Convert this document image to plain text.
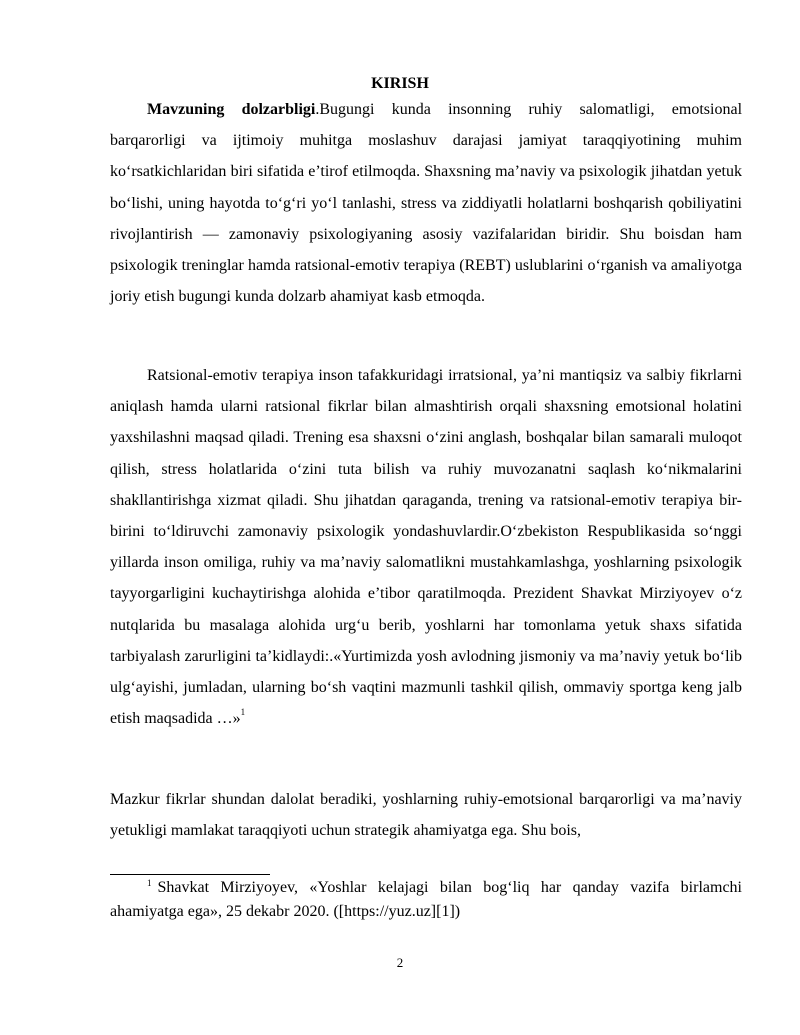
KIRISH

Mavzuning dolzarbligi.Bugungi kunda insonning ruhiy salomatligi, emotsional barqarorligi va ijtimoiy muhitga moslashuv darajasi jamiyat taraqqiyotining muhim ko‘rsatkichlaridan biri sifatida e’tirof etilmoqda. Shaxsning ma’naviy va psixologik jihatdan yetuk bo‘lishi, uning hayotda to‘g‘ri yo‘l tanlashi, stress va ziddiyatli holatlarni boshqarish qobiliyatini rivojlantirish — zamonaviy psixologiyaning asosiy vazifalaridan biridir. Shu boisdan ham psixologik treninglar hamda ratsional-emotiv terapiya (REBT) uslublarini o‘rganish va amaliyotga joriy etish bugungi kunda dolzarb ahamiyat kasb etmoqda.

Ratsional-emotiv terapiya inson tafakkuridagi irratsional, ya’ni mantiqsiz va salbiy fikrlarni aniqlash hamda ularni ratsional fikrlar bilan almashtirish orqali shaxsning emotsional holatini yaxshilashni maqsad qiladi. Trening esa shaxsni o‘zini anglash, boshqalar bilan samarali muloqot qilish, stress holatlarida o‘zini tuta bilish va ruhiy muvozanatni saqlash ko‘nikmalarini shakllantirishga xizmat qiladi. Shu jihatdan qaraganda, trening va ratsional-emotiv terapiya bir-birini to‘ldiruvchi zamonaviy psixologik yondashuvlardir.O‘zbekiston Respublikasida so‘nggi yillarda inson omiliga, ruhiy va ma’naviy salomatlikni mustahkamlashga, yoshlarning psixologik tayyorgarligini kuchaytirishga alohida e’tibor qaratilmoqda. Prezident Shavkat Mirziyoyev o‘z nutqlarida bu masalaga alohida urg‘u berib, yoshlarni har tomonlama yetuk shaxs sifatida tarbiyalash zarurligini ta’kidlaydi:.«Yurtimizda yosh avlodning jismoniy va ma’naviy yetuk bo‘lib ulg‘ayishi, jumladan, ularning bo‘sh vaqtini mazmunli tashkil qilish, ommaviy sportga keng jalb etish maqsadida …»$^1$

Mazkur fikrlar shundan dalolat beradiki, yoshlarning ruhiy-emotsional barqarorligi va ma’naviy yetukligi mamlakat taraqqiyoti uchun strategik ahamiyatga ega. Shu bois,

$^1$ Shavkat Mirziyoyev, «Yoshlar kelajagi bilan bog‘liq har qanday vazifa birlamchi ahamiyatga ega», 25 dekabr 2020. ([https://yuz.uz][1])

2
